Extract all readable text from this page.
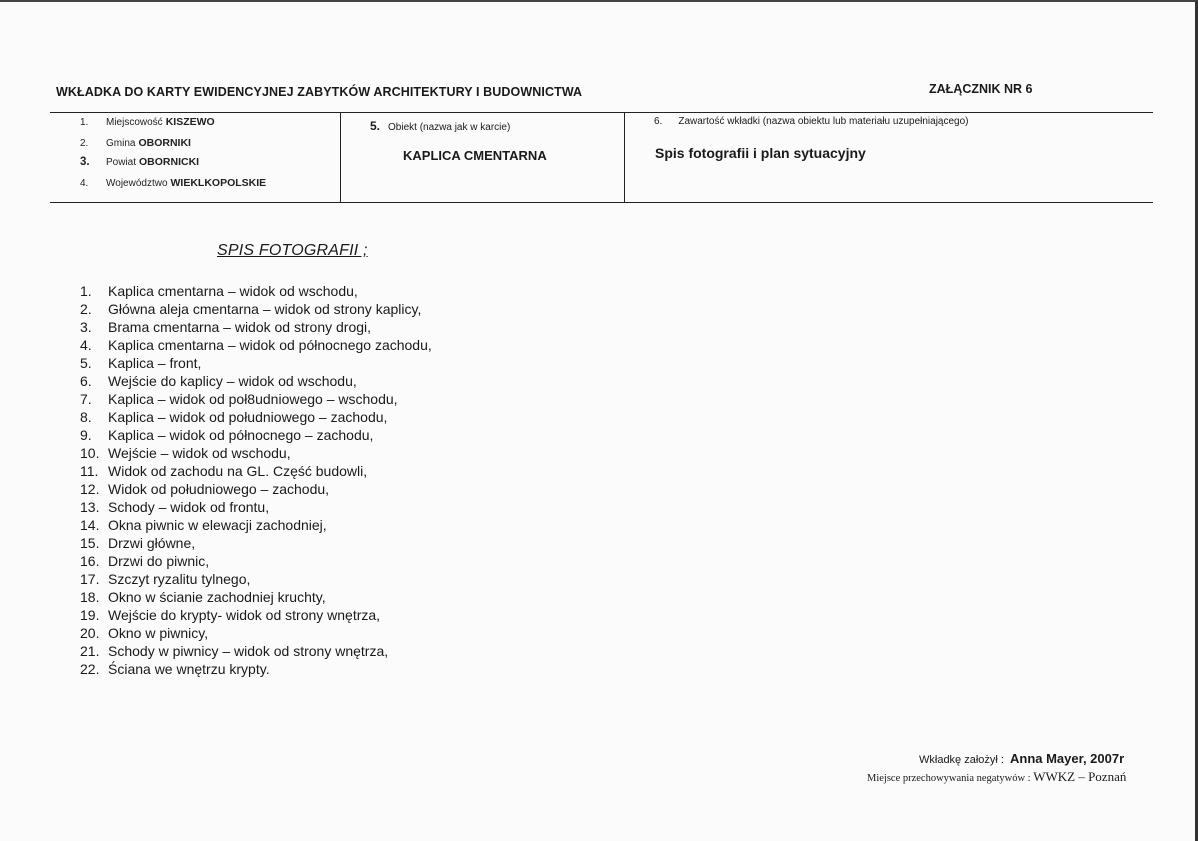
WKŁADKA DO KARTY EWIDENCYJNEJ ZABYTKÓW ARCHITEKTURY I BUDOWNICTWA	ZAŁĄCZNIK NR 6
1. Miejscowość KISZEWO
2. Gmina OBORNIKI
3. Powiat OBORNICKI
4. Województwo WIEKLKOPOLSKIE
5. Obiekt (nazwa jak w karcie)
KAPLICA CMENTARNA
6. Zawartość wkładki (nazwa obiektu lub materiału uzupełniającego)
Spis fotografii i plan sytuacyjny
SPIS FOTOGRAFII ;
1. Kaplica cmentarna – widok od wschodu,
2. Główna aleja cmentarna – widok od strony kaplicy,
3. Brama cmentarna – widok od strony drogi,
4. Kaplica cmentarna – widok od północnego zachodu,
5. Kaplica – front,
6. Wejście do kaplicy – widok od wschodu,
7. Kaplica – widok od poł8udniowego – wschodu,
8. Kaplica – widok od południowego – zachodu,
9. Kaplica – widok od północnego – zachodu,
10. Wejście – widok od wschodu,
11. Widok od zachodu na GL. Część budowli,
12. Widok od południowego – zachodu,
13. Schody – widok od frontu,
14. Okna piwnic w elewacji zachodniej,
15. Drzwi główne,
16. Drzwi do piwnic,
17. Szczyt ryzalitu tylnego,
18. Okno w ścianie zachodniej kruchty,
19. Wejście do krypty- widok od strony wnętrza,
20. Okno w piwnicy,
21. Schody w piwnicy – widok od strony wnętrza,
22. Ściana we wnętrzu krypty.
Wkładkę założył : Anna Mayer, 2007r
Miejsce przechowywania negatywów : WWKZ – Poznań
